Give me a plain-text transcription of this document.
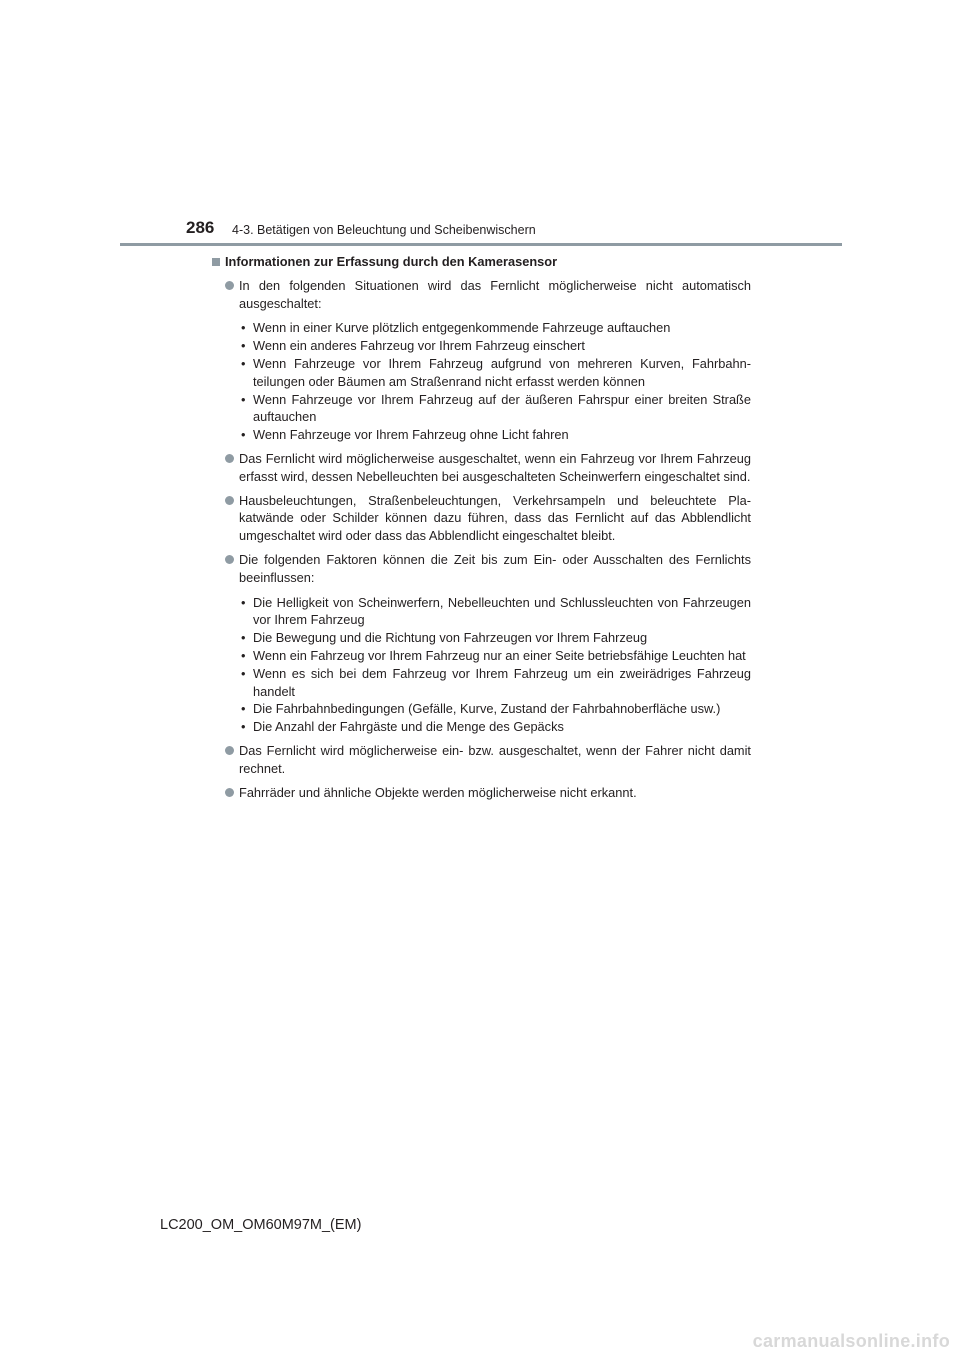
286 4-3. Betätigen von Beleuchtung und Scheibenwischern
Informationen zur Erfassung durch den Kamerasensor
In den folgenden Situationen wird das Fernlicht möglicherweise nicht automatisch ausgeschaltet:
• Wenn in einer Kurve plötzlich entgegenkommende Fahrzeuge auftauchen
• Wenn ein anderes Fahrzeug vor Ihrem Fahrzeug einschert
• Wenn Fahrzeuge vor Ihrem Fahrzeug aufgrund von mehreren Kurven, Fahrbahnteilungen oder Bäumen am Straßenrand nicht erfasst werden können
• Wenn Fahrzeuge vor Ihrem Fahrzeug auf der äußeren Fahrspur einer breiten Straße auftauchen
• Wenn Fahrzeuge vor Ihrem Fahrzeug ohne Licht fahren
Das Fernlicht wird möglicherweise ausgeschaltet, wenn ein Fahrzeug vor Ihrem Fahrzeug erfasst wird, dessen Nebelleuchten bei ausgeschalteten Scheinwerfern eingeschaltet sind.
Hausbeleuchtungen, Straßenbeleuchtungen, Verkehrsampeln und beleuchtete Plakatwände oder Schilder können dazu führen, dass das Fernlicht auf das Abblendlicht umgeschaltet wird oder dass das Abblendlicht eingeschaltet bleibt.
Die folgenden Faktoren können die Zeit bis zum Ein- oder Ausschalten des Fernlichts beeinflussen:
• Die Helligkeit von Scheinwerfern, Nebelleuchten und Schlussleuchten von Fahrzeugen vor Ihrem Fahrzeug
• Die Bewegung und die Richtung von Fahrzeugen vor Ihrem Fahrzeug
• Wenn ein Fahrzeug vor Ihrem Fahrzeug nur an einer Seite betriebsfähige Leuchten hat
• Wenn es sich bei dem Fahrzeug vor Ihrem Fahrzeug um ein zweirädriges Fahrzeug handelt
• Die Fahrbahnbedingungen (Gefälle, Kurve, Zustand der Fahrbahnoberfläche usw.)
• Die Anzahl der Fahrgäste und die Menge des Gepäcks
Das Fernlicht wird möglicherweise ein- bzw. ausgeschaltet, wenn der Fahrer nicht damit rechnet.
Fahrräder und ähnliche Objekte werden möglicherweise nicht erkannt.
LC200_OM_OM60M97M_(EM)
carmanualsonline.info
